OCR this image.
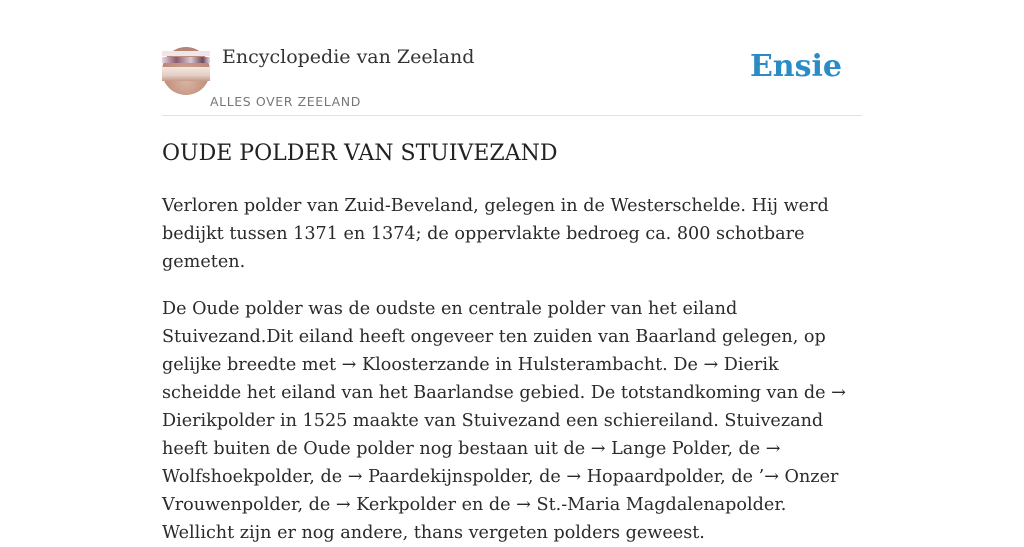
Encyclopedie van Zeeland
ALLES OVER ZEELAND
Ensie
OUDE POLDER VAN STUIVEZAND

Verloren polder van Zuid-Beveland, gelegen in de Westerschelde. Hij werd bedijkt tussen 1371 en 1374; de oppervlakte bedroeg ca. 800 schotbare gemeten.

De Oude polder was de oudste en centrale polder van het eiland Stuivezand.Dit eiland heeft ongeveer ten zuiden van Baarland gelegen, op gelijke breedte met → Kloosterzande in Hulsterambacht. De → Dierik scheidde het eiland van het Baarlandse gebied. De totstandkoming van de → Dierikpolder in 1525 maakte van Stuivezand een schiereiland. Stuivezand heeft buiten de Oude polder nog bestaan uit de → Lange Polder, de → Wolfshoekpolder, de → Paardekijnspolder, de → Hopaardpolder, de ’→ Onzer Vrouwenpolder, de → Kerkpolder en de → St.-Maria Magdalenapolder. Wellicht zijn er nog andere, thans vergeten polders geweest.
